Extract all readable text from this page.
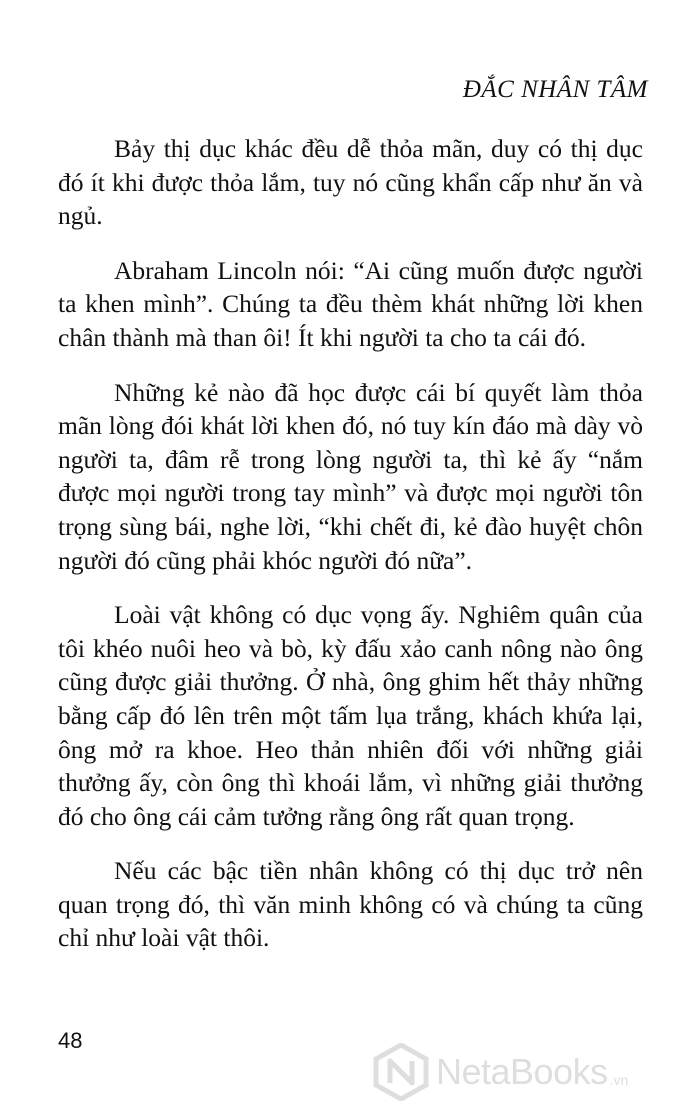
ĐẮC NHÂN TÂM

Bảy thị dục khác đều dễ thỏa mãn, duy có thị dục đó ít khi được thỏa lắm, tuy nó cũng khẩn cấp như ăn và ngủ.

Abraham Lincoln nói: “Ai cũng muốn được người ta khen mình”. Chúng ta đều thèm khát những lời khen chân thành mà than ôi! Ít khi người ta cho ta cái đó.

Những kẻ nào đã học được cái bí quyết làm thỏa mãn lòng đói khát lời khen đó, nó tuy kín đáo mà dày vò người ta, đâm rễ trong lòng người ta, thì kẻ ấy “nắm được mọi người trong tay mình” và được mọi người tôn trọng sùng bái, nghe lời, “khi chết đi, kẻ đào huyệt chôn người đó cũng phải khóc người đó nữa”.

Loài vật không có dục vọng ấy. Nghiêm quân của tôi khéo nuôi heo và bò, kỳ đấu xảo canh nông nào ông cũng được giải thưởng. Ở nhà, ông ghim hết thảy những bằng cấp đó lên trên một tấm lụa trắng, khách khứa lại, ông mở ra khoe. Heo thản nhiên đối với những giải thưởng ấy, còn ông thì khoái lắm, vì những giải thưởng đó cho ông cái cảm tưởng rằng ông rất quan trọng.

Nếu các bậc tiền nhân không có thị dục trở nên quan trọng đó, thì văn minh không có và chúng ta cũng chỉ như loài vật thôi.

48
NetaBooks .vn
